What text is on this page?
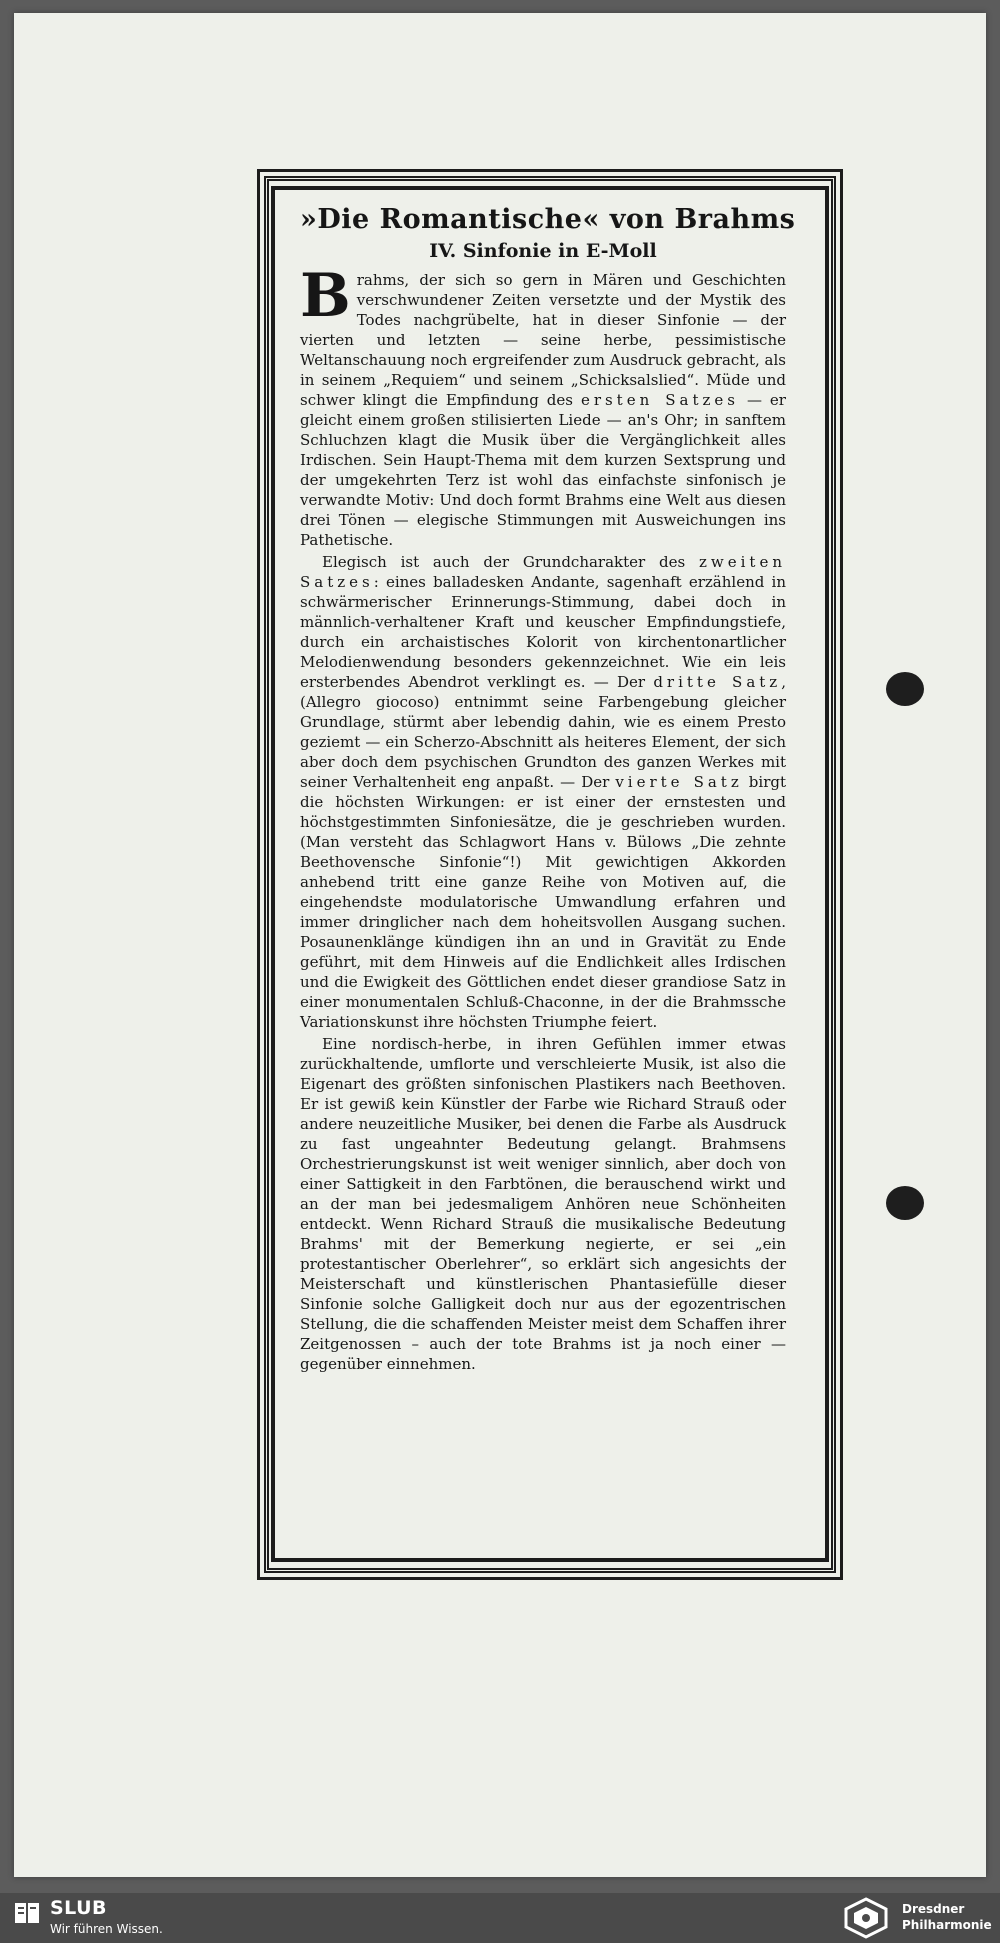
»Die Romantische« von Brahms
IV. Sinfonie in E-Moll

Brahms, der sich so gern in Mären und Geschichten verschwundener Zeiten versetzte und der Mystik des Todes nachgrübelte, hat in dieser Sinfonie — der vierten und letzten — seine herbe, pessimistische Weltanschauung noch ergreifender zum Ausdruck gebracht, als in seinem „Requiem“ und seinem „Schicksalslied“. Müde und schwer klingt die Empfindung des ersten Satzes — er gleicht einem großen stilisierten Liede — an's Ohr; in sanftem Schluchzen klagt die Musik über die Vergänglichkeit alles Irdischen. Sein Haupt-Thema mit dem kurzen Sextsprung und der umgekehrten Terz ist wohl das einfachste sinfonisch je verwandte Motiv: Und doch formt Brahms eine Welt aus diesen drei Tönen — elegische Stimmungen mit Ausweichungen ins Pathetische.

Elegisch ist auch der Grundcharakter des zweiten Satzes: eines balladesken Andante, sagenhaft erzählend in schwärmerischer Erinnerungs-Stimmung, dabei doch in männlich-verhaltener Kraft und keuscher Empfindungstiefe, durch ein archaistisches Kolorit von kirchentonartlicher Melodienwendung besonders gekennzeichnet. Wie ein leis ersterbendes Abendrot verklingt es. — Der dritte Satz, (Allegro giocoso) entnimmt seine Farbengebung gleicher Grundlage, stürmt aber lebendig dahin, wie es einem Presto geziemt — ein Scherzo-Abschnitt als heiteres Element, der sich aber doch dem psychischen Grundton des ganzen Werkes mit seiner Verhaltenheit eng anpaßt. — Der vierte Satz birgt die höchsten Wirkungen: er ist einer der ernstesten und höchstgestimmten Sinfoniesätze, die je geschrieben wurden. (Man versteht das Schlagwort Hans v. Bülows „Die zehnte Beethovensche Sinfonie“!) Mit gewichtigen Akkorden anhebend tritt eine ganze Reihe von Motiven auf, die eingehendste modulatorische Umwandlung erfahren und immer dringlicher nach dem hoheitsvollen Ausgang suchen. Posaunenklänge kündigen ihn an und in Gravität zu Ende geführt, mit dem Hinweis auf die Endlichkeit alles Irdischen und die Ewigkeit des Göttlichen endet dieser grandiose Satz in einer monumentalen Schluß-Chaconne, in der die Brahmssche Variationskunst ihre höchsten Triumphe feiert.

Eine nordisch-herbe, in ihren Gefühlen immer etwas zurückhaltende, umflorte und verschleierte Musik, ist also die Eigenart des größten sinfonischen Plastikers nach Beethoven. Er ist gewiß kein Künstler der Farbe wie Richard Strauß oder andere neuzeitliche Musiker, bei denen die Farbe als Ausdruck zu fast ungeahnter Bedeutung gelangt. Brahmsens Orchestrierungskunst ist weit weniger sinnlich, aber doch von einer Sattigkeit in den Farbtönen, die berauschend wirkt und an der man bei jedesmaligem Anhören neue Schönheiten entdeckt. Wenn Richard Strauß die musikalische Bedeutung Brahms' mit der Bemerkung negierte, er sei „ein protestantischer Oberlehrer“, so erklärt sich angesichts der Meisterschaft und künstlerischen Phantasiefülle dieser Sinfonie solche Galligkeit doch nur aus der egozentrischen Stellung, die die schaffenden Meister meist dem Schaffen ihrer Zeitgenossen – auch der tote Brahms ist ja noch einer — gegenüber einnehmen.

SLUB
Wir führen Wissen.
Dresdner
Philharmonie
